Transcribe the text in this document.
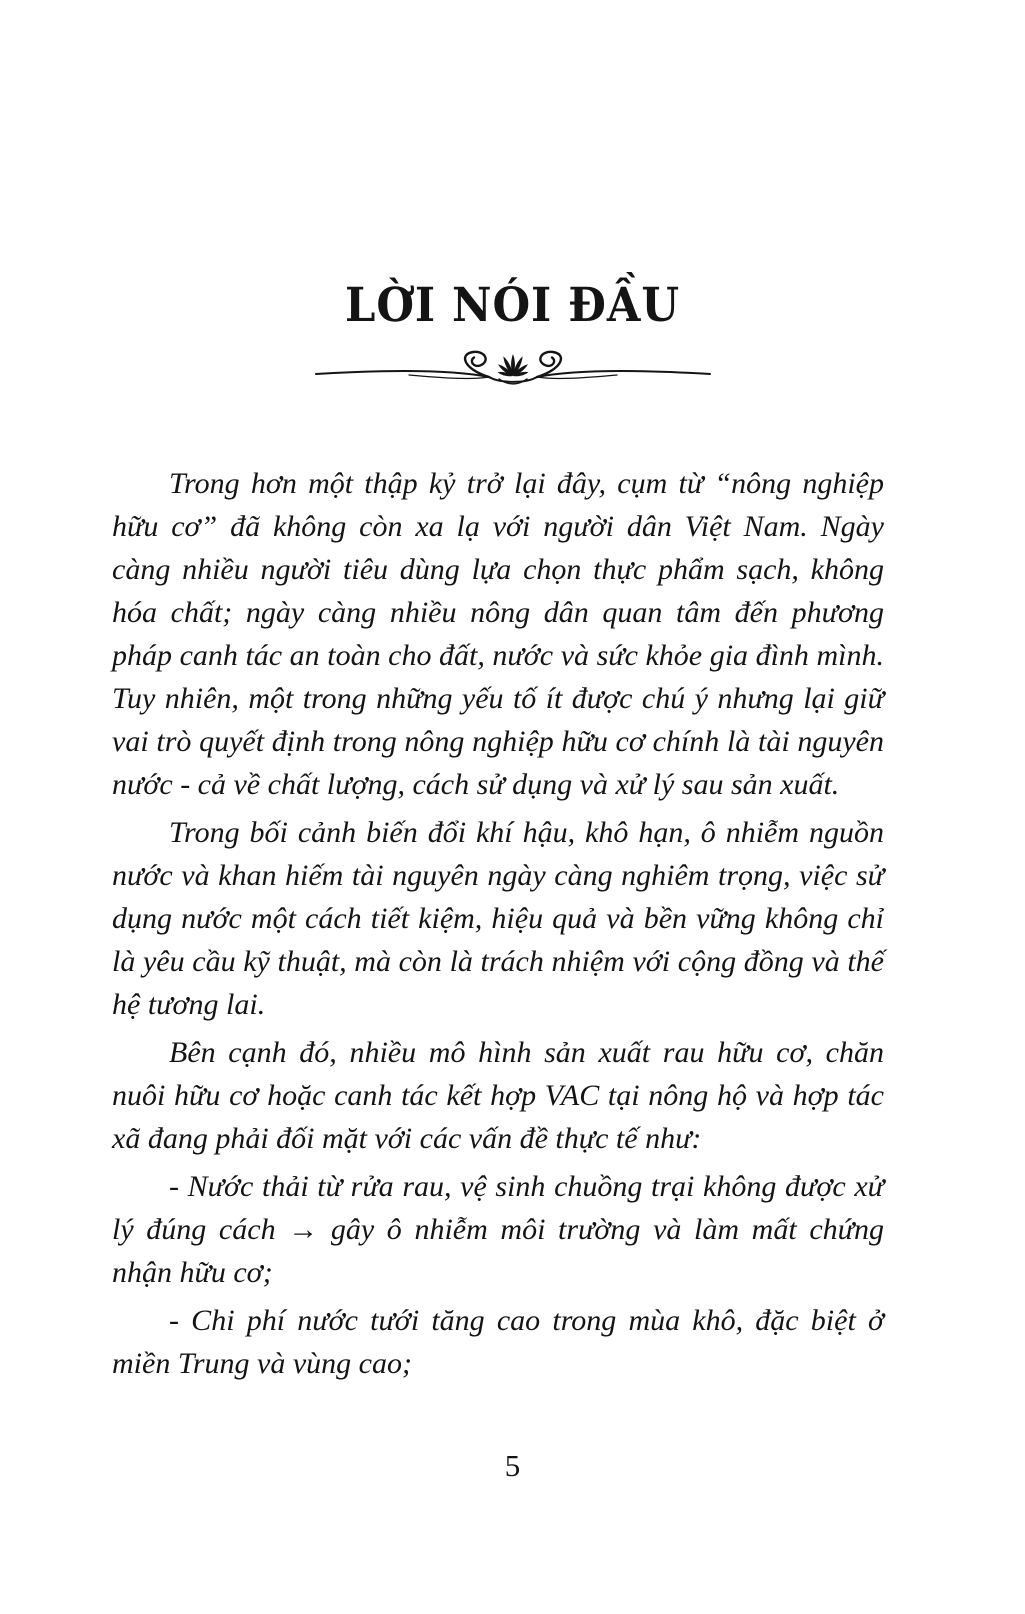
LỜI NÓI ĐẦU

Trong hơn một thập kỷ trở lại đây, cụm từ “nông nghiệp hữu cơ” đã không còn xa lạ với người dân Việt Nam. Ngày càng nhiều người tiêu dùng lựa chọn thực phẩm sạch, không hóa chất; ngày càng nhiều nông dân quan tâm đến phương pháp canh tác an toàn cho đất, nước và sức khỏe gia đình mình. Tuy nhiên, một trong những yếu tố ít được chú ý nhưng lại giữ vai trò quyết định trong nông nghiệp hữu cơ chính là tài nguyên nước - cả về chất lượng, cách sử dụng và xử lý sau sản xuất.

Trong bối cảnh biến đổi khí hậu, khô hạn, ô nhiễm nguồn nước và khan hiếm tài nguyên ngày càng nghiêm trọng, việc sử dụng nước một cách tiết kiệm, hiệu quả và bền vững không chỉ là yêu cầu kỹ thuật, mà còn là trách nhiệm với cộng đồng và thế hệ tương lai.

Bên cạnh đó, nhiều mô hình sản xuất rau hữu cơ, chăn nuôi hữu cơ hoặc canh tác kết hợp VAC tại nông hộ và hợp tác xã đang phải đối mặt với các vấn đề thực tế như:

- Nước thải từ rửa rau, vệ sinh chuồng trại không được xử lý đúng cách → gây ô nhiễm môi trường và làm mất chứng nhận hữu cơ;

- Chi phí nước tưới tăng cao trong mùa khô, đặc biệt ở miền Trung và vùng cao;

5
